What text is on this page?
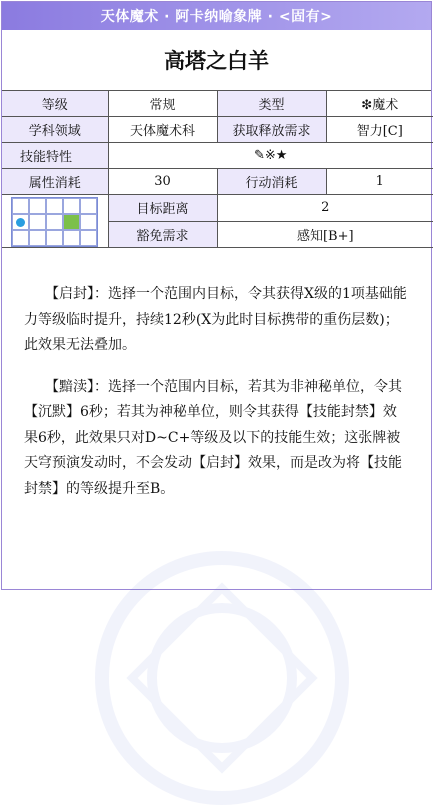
天体魔术 · 阿卡纳喻象牌 · <固有>
高塔之白羊
等级	常规	类型	❇魔术
学科领域	天体魔术科	获取释放需求	智力[C]
技能特性	✎※★		
属性消耗	30	行动消耗	1

	目标距离	2	
	豁免需求	感知[B+]	

【启封】：选择一个范围内目标，令其获得X级的1项基础能力等级临时提升，持续12秒(X为此时目标携带的重伤层数)；此效果无法叠加。

【黯渎】：选择一个范围内目标，若其为非神秘单位，令其【沉默】6秒；若其为神秘单位，则令其获得【技能封禁】效果6秒，此效果只对D~C+等级及以下的技能生效；这张牌被天穹预演发动时，不会发动【启封】效果，而是改为将【技能封禁】的等级提升至B。
